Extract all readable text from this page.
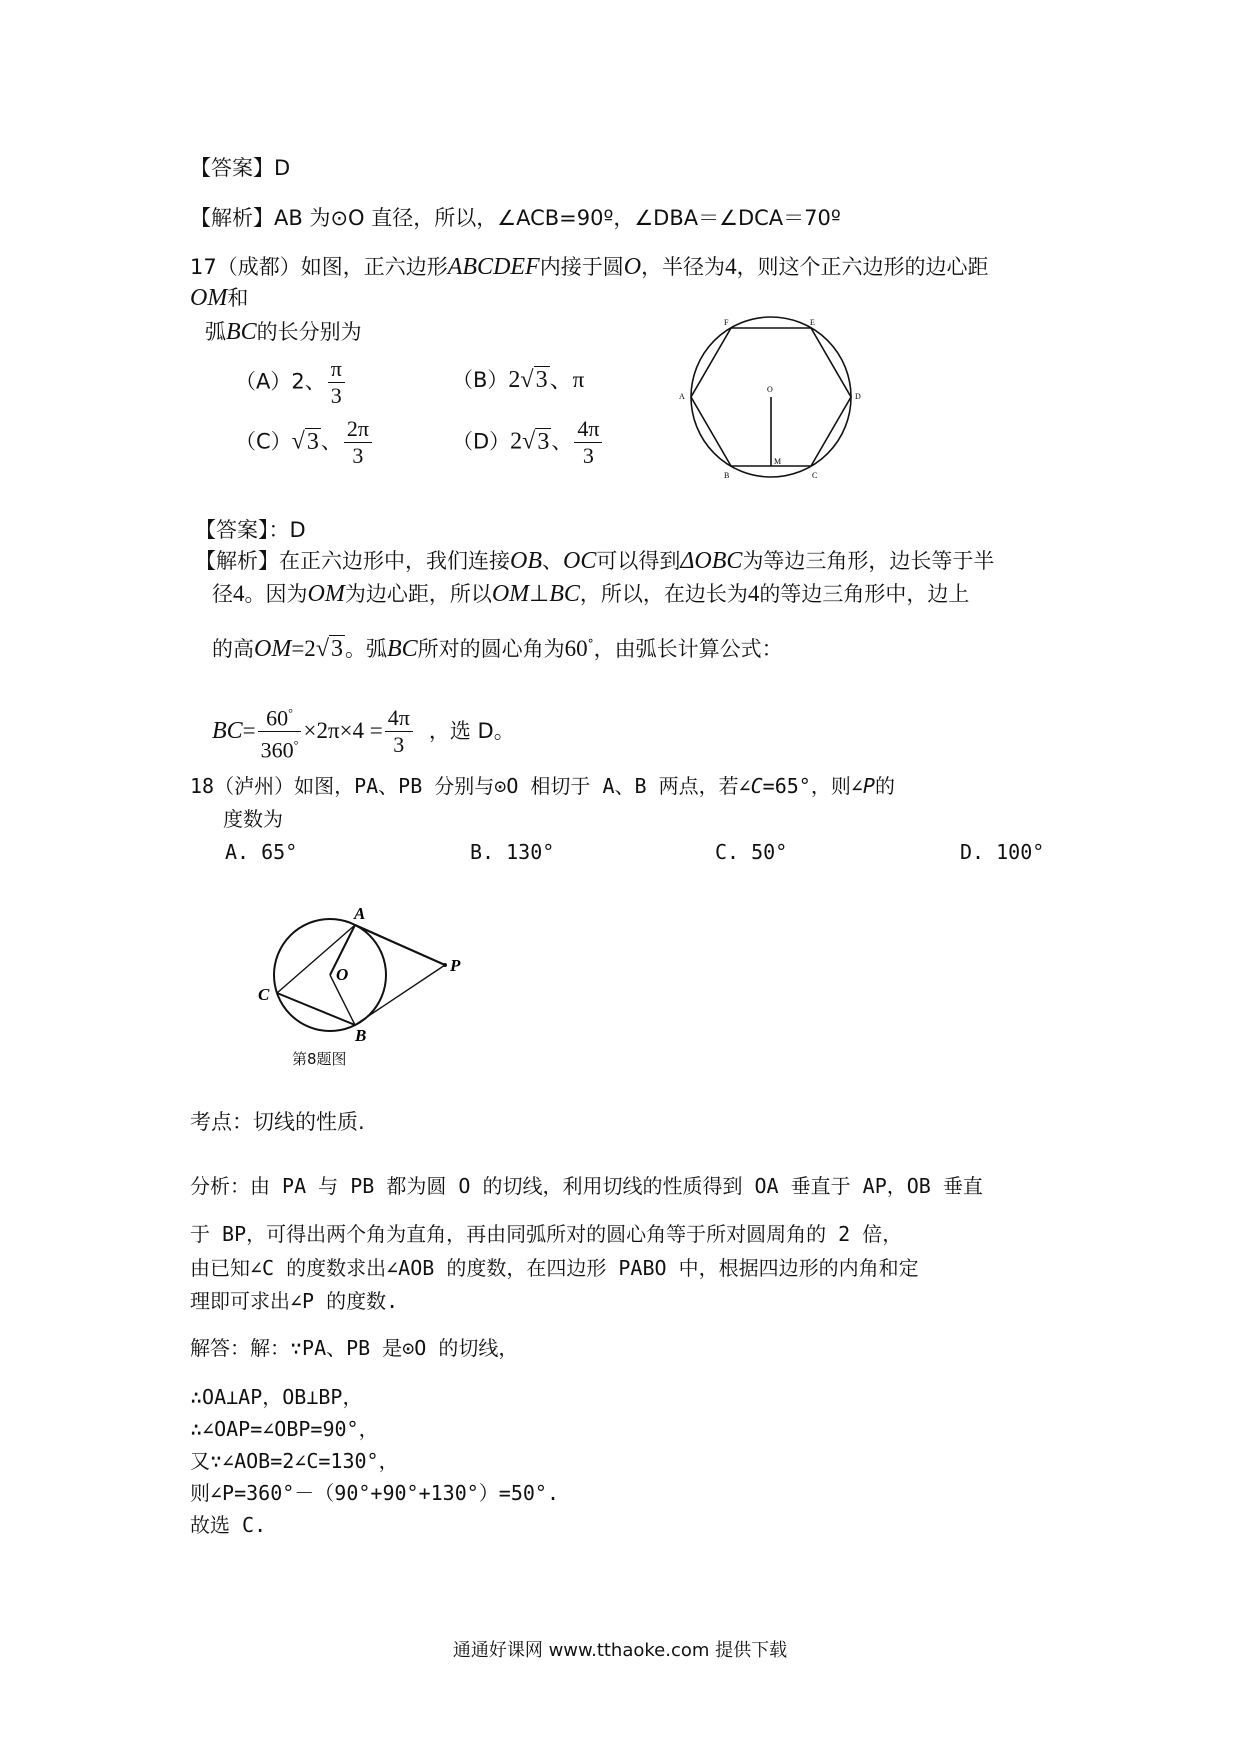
【答案】D
【解析】AB 为⊙O 直径，所以，∠ACB=90º，∠DBA＝∠DCA＝70º
17（成都）如图，正六边形ABCDEF内接于圆O，半径为4，则这个正六边形的边心距
OM和
弧BC的长分别为
（A）2、 $\frac{\pi}{3}$	（B）2√3、π
（C）√3、 $\frac{2\pi}{3}$	（D）2√3、 $\frac{4\pi}{3}$
F	E
A	D
B	C
O
M
【答案】：D
【解析】在正六边形中，我们连接OB、OC可以得到ΔOBC为等边三角形，边长等于半
径4。因为OM为边心距，所以OM⊥BC，所以，在边长为4的等边三角形中，边上
的高OM=2√3。弧BC所对的圆心角为60°，由弧长计算公式：
$BC= \frac{60^\circ}{360^\circ} \times 2\pi\times 4 = \frac{4\pi}{3}$ ，选 D。
18（泸州）如图，PA、PB 分别与⊙O 相切于 A、B 两点，若∠C=65°，则∠P的
度数为
A. 65°	B. 130°	C. 50°	D. 100°
A
P
O
C
B
第8题图
考点：切线的性质.
分析：由 PA 与 PB 都为圆 O 的切线，利用切线的性质得到 OA 垂直于 AP，OB 垂直
于 BP，可得出两个角为直角，再由同弧所对的圆心角等于所对圆周角的 2 倍，
由已知∠C 的度数求出∠AOB 的度数，在四边形 PABO 中，根据四边形的内角和定
理即可求出∠P 的度数.
解答：解：∵PA、PB 是⊙O 的切线，
∴OA⊥AP，OB⊥BP，
∴∠OAP=∠OBP=90°，
又∵∠AOB=2∠C=130°，
则∠P=360°－（90°+90°+130°）=50°.
故选 C.
通通好课网 www.tthaoke.com 提供下载
